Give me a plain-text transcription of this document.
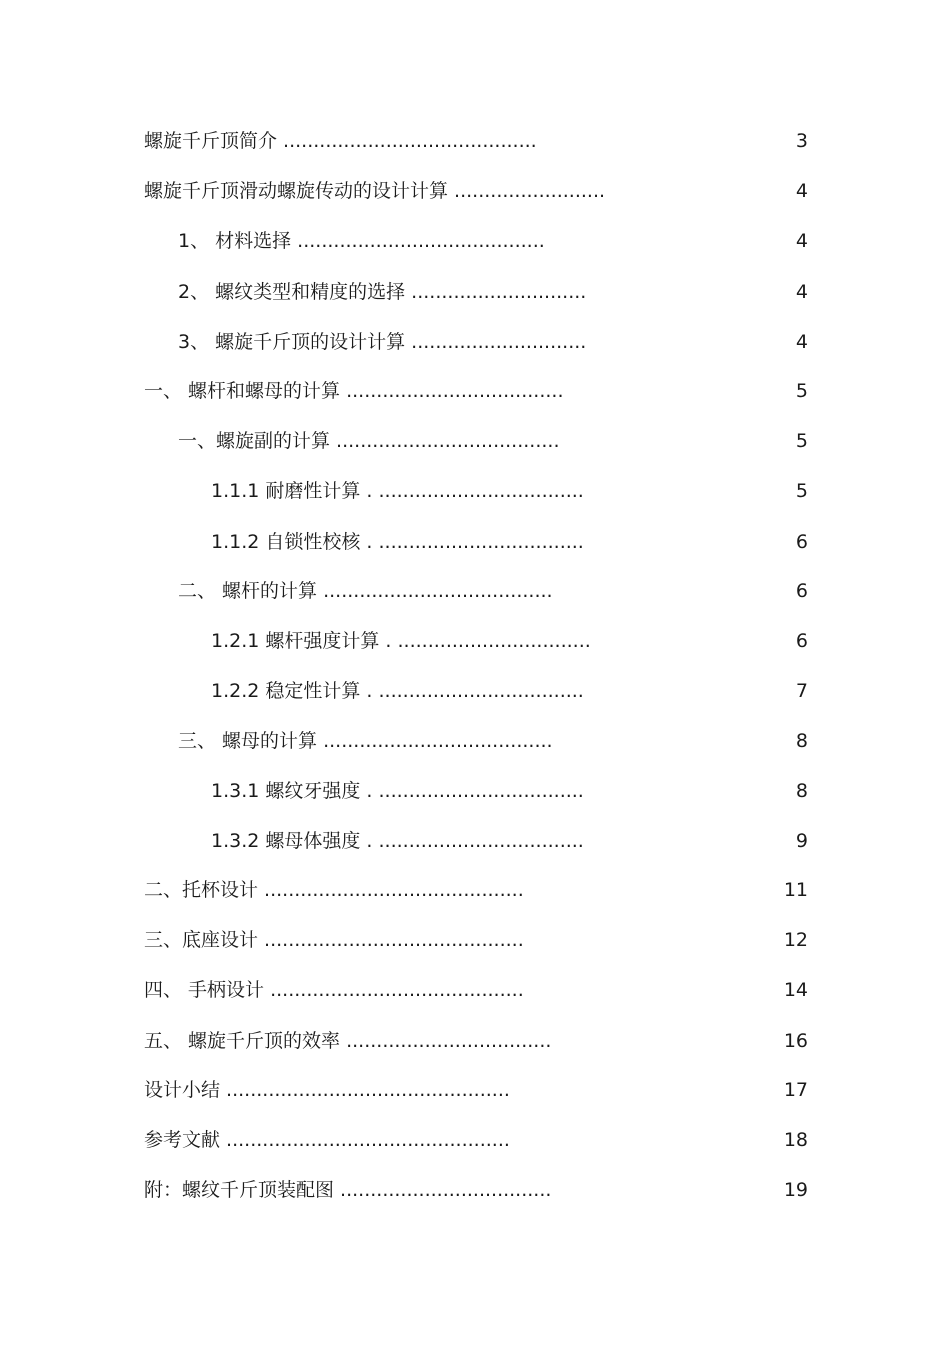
螺旋千斤顶简介 ..........................................	3
螺旋千斤顶滑动螺旋传动的设计计算 .........................	4
1、 材料选择 .........................................	4
2、 螺纹类型和精度的选择 .............................	4
3、 螺旋千斤顶的设计计算 .............................	4
一、 螺杆和螺母的计算 ....................................	5
一、螺旋副的计算 .....................................	5
1.1.1 耐磨性计算 . ..................................	5
1.1.2 自锁性校核 . ..................................	6
二、 螺杆的计算 ......................................	6
1.2.1 螺杆强度计算 . ................................	6
1.2.2 稳定性计算 . ..................................	7
三、 螺母的计算 ......................................	8
1.3.1 螺纹牙强度 . ..................................	8
1.3.2 螺母体强度 . ..................................	9
二、托杯设计 ...........................................	11
三、底座设计 ...........................................	12
四、 手柄设计 ..........................................	14
五、 螺旋千斤顶的效率 ..................................	16
设计小结 ...............................................	17
参考文献 ...............................................	18
附：螺纹千斤顶装配图 ...................................	19
